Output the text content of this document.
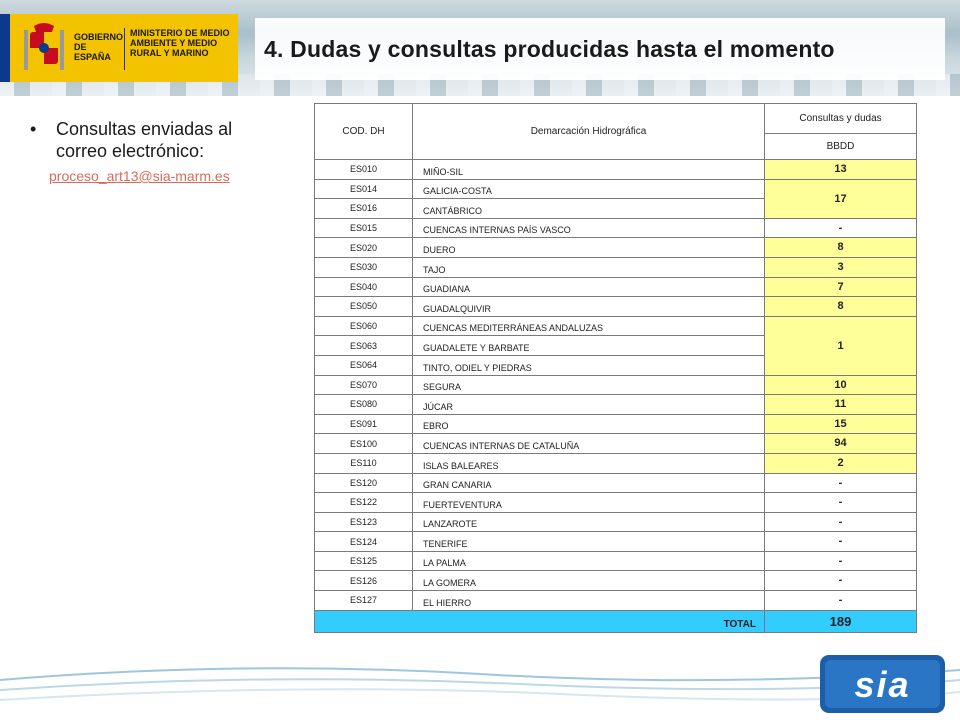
GOBIERNO DE ESPAÑA
MINISTERIO DE MEDIO AMBIENTE Y MEDIO RURAL Y MARINO	4. Dudas y consultas producidas hasta el momento
• Consultas enviadas al correo electrónico:
proceso_art13@sia-marm.es
COD. DH	Demarcación Hidrográfica	Consultas y dudas
		BBDD
ES010	MIÑO-SIL	13
ES014	GALICIA-COSTA	17
ES016	CANTÁBRICO	
ES015	CUENCAS INTERNAS PAÍS VASCO	-
ES020	DUERO	8
ES030	TAJO	3
ES040	GUADIANA	7
ES050	GUADALQUIVIR	8
ES060	CUENCAS MEDITERRÁNEAS ANDALUZAS	1
ES063	GUADALETE Y BARBATE	
ES064	TINTO, ODIEL Y PIEDRAS	
ES070	SEGURA	10
ES080	JÚCAR	11
ES091	EBRO	15
ES100	CUENCAS INTERNAS DE CATALUÑA	94
ES110	ISLAS BALEARES	2
ES120	GRAN CANARIA	-
ES122	FUERTEVENTURA	-
ES123	LANZAROTE	-
ES124	TENERIFE	-
ES125	LA PALMA	-
ES126	LA GOMERA	-
ES127	EL HIERRO	-
TOTAL		189
sia
